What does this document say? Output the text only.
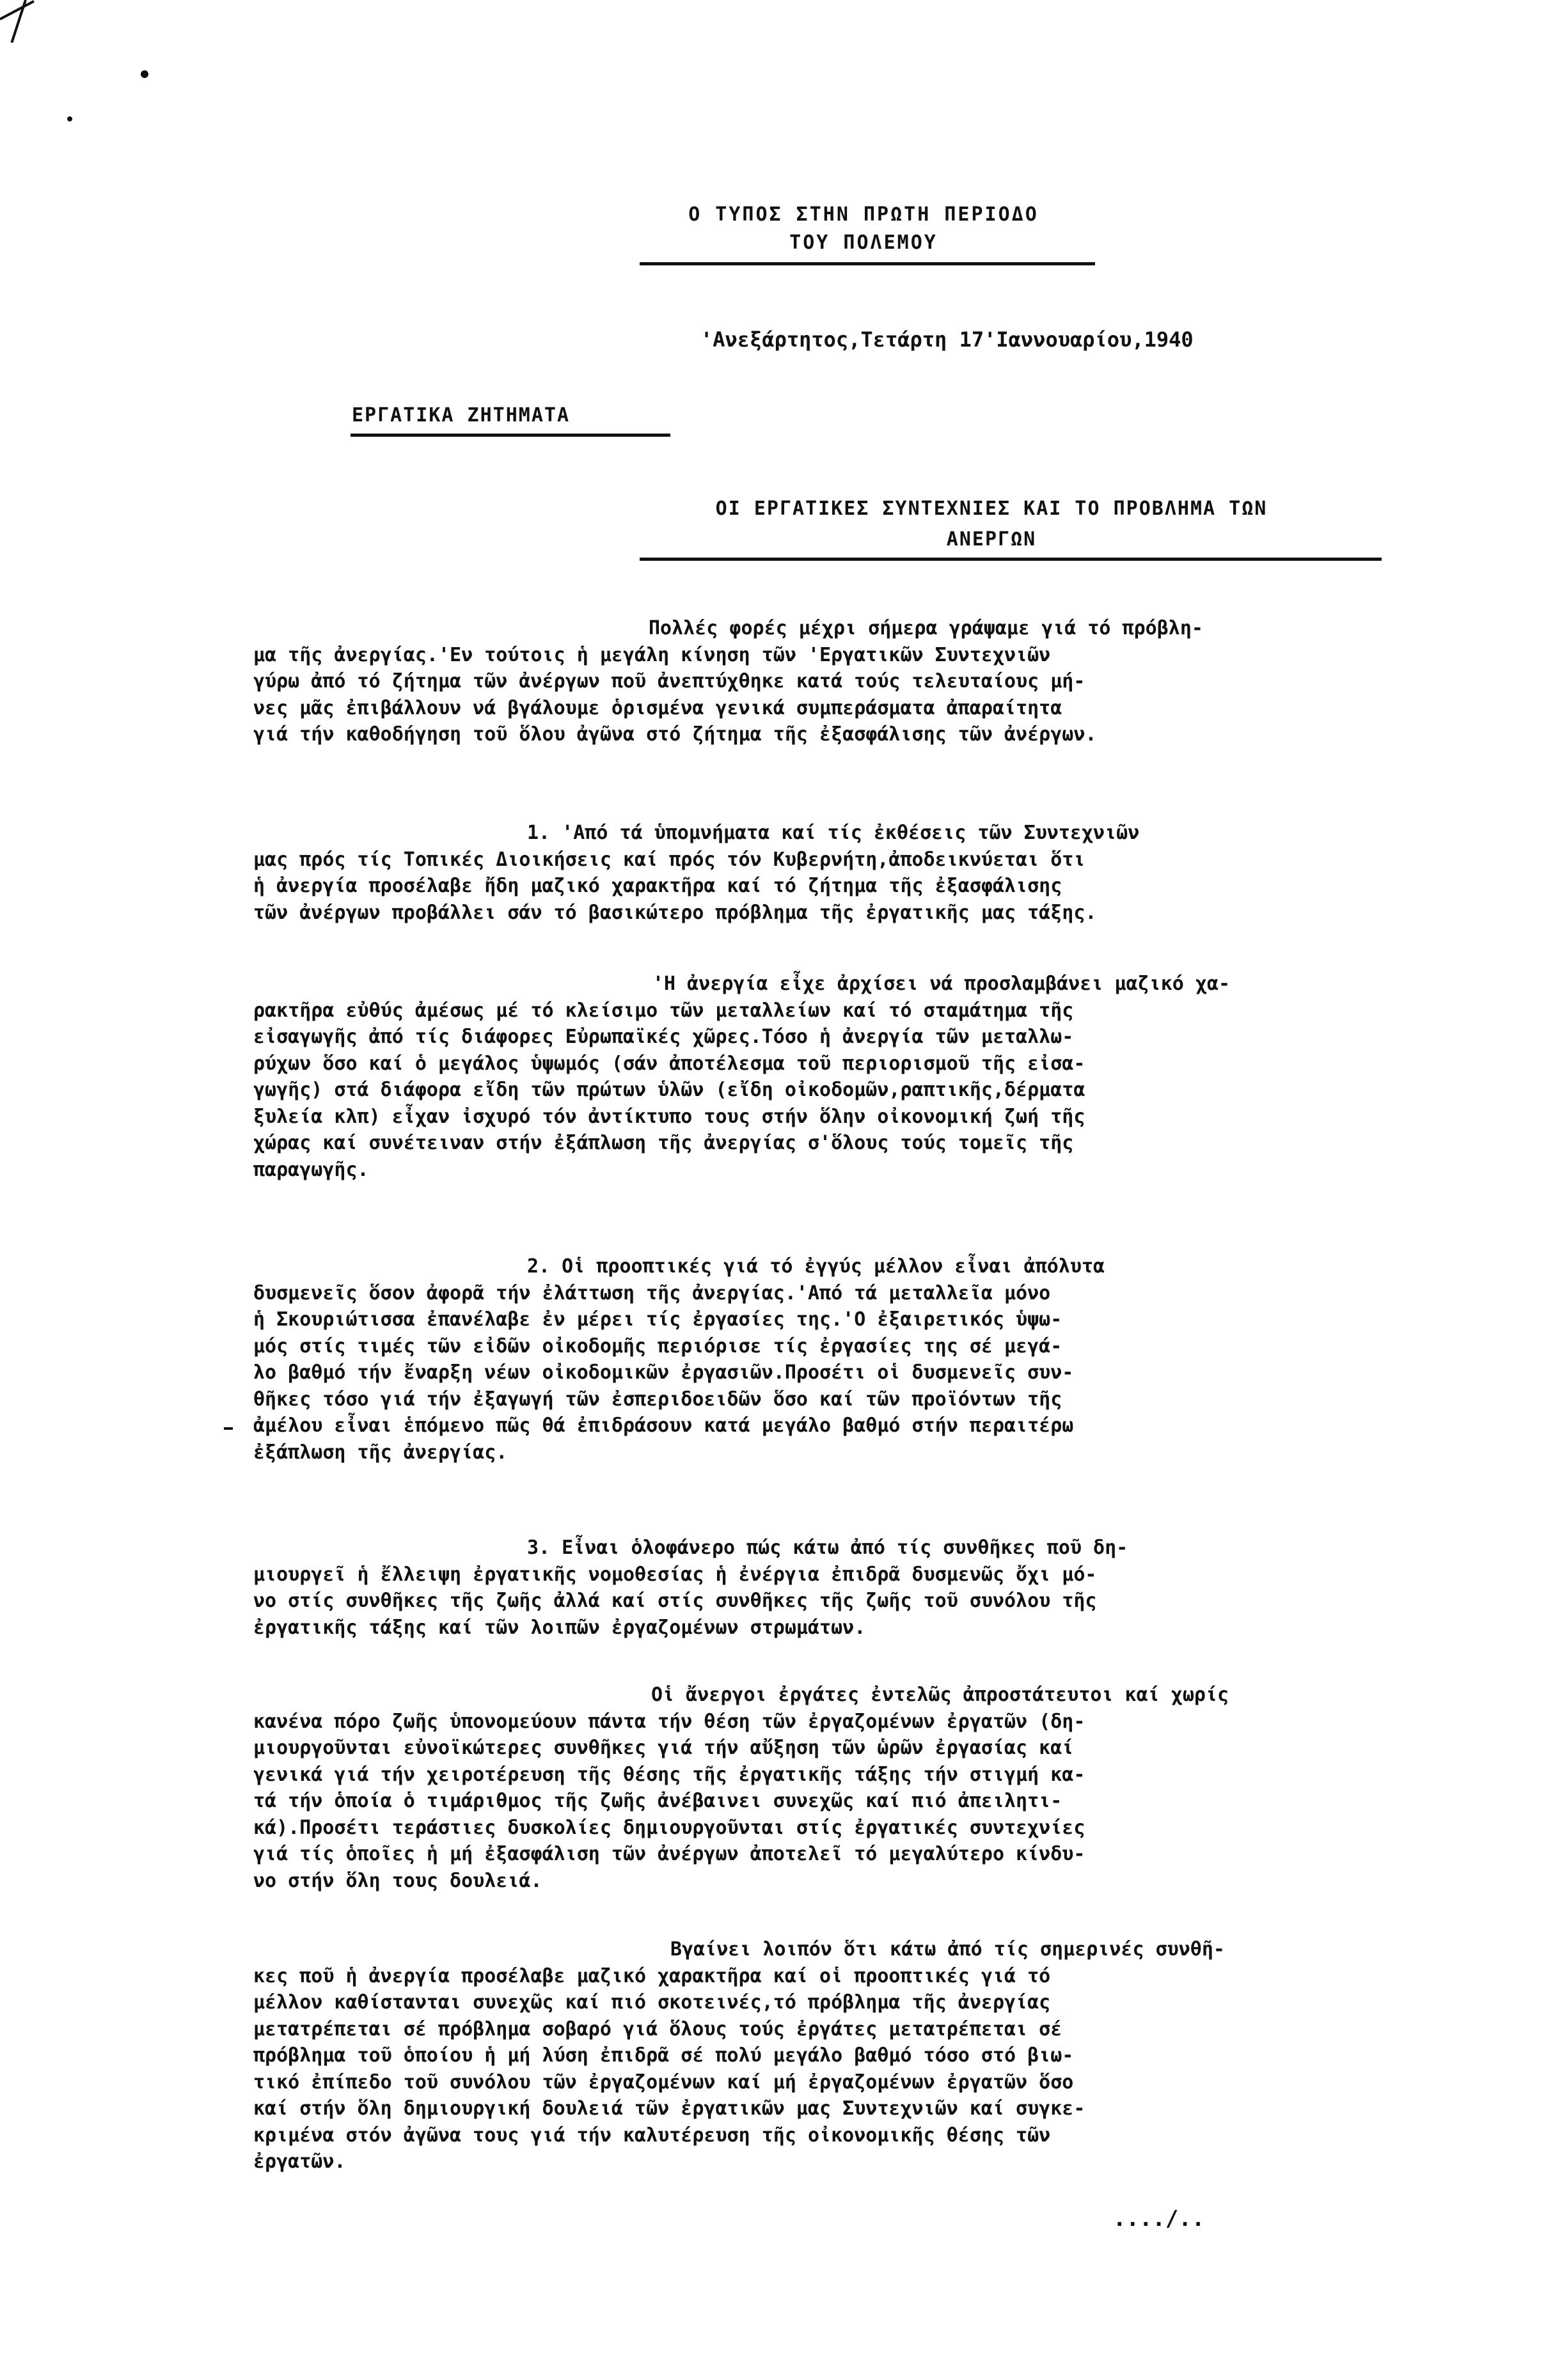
Ο ΤΥΠΟΣ ΣΤΗΝ ΠΡΩΤΗ ΠΕΡΙΟΔΟ
ΤΟΥ ΠΟΛΕΜΟΥ
'Ανεξάρτητος,Τετάρτη 17'Ιαννουαρίου,1940
ΕΡΓΑΤΙΚΑ ΖΗΤΗΜΑΤΑ
ΟΙ ΕΡΓΑΤΙΚΕΣ ΣΥΝΤΕΧΝΙΕΣ ΚΑΙ ΤΟ ΠΡΟΒΛΗΜΑ ΤΩΝ
ΑΝΕΡΓΩΝ
Πολλές φορές μέχρι σήμερα γράψαμε γιά τό πρόβλη-
μα τῆς ἀνεργίας.'Εν τούτοις ἡ μεγάλη κίνηση τῶν 'Εργατικῶν Συντεχνιῶν
γύρω ἀπό τό ζήτημα τῶν ἀνέργων ποῦ ἀνεπτύχθηκε κατά τούς τελευταίους μή-
νες μᾶς ἐπιβάλλουν νά βγάλουμε ὁρισμένα γενικά συμπεράσματα ἀπαραίτητα
γιά τήν καθοδήγηση τοῦ ὅλου ἀγῶνα στό ζήτημα τῆς ἐξασφάλισης τῶν ἀνέργων.
1. 'Από τά ὑπομνήματα καί τίς ἐκθέσεις τῶν Συντεχνιῶν
μας πρός τίς Τοπικές Διοικήσεις καί πρός τόν Κυβερνήτη,ἀποδεικνύεται ὅτι
ἡ ἀνεργία προσέλαβε ἤδη μαζικό χαρακτῆρα καί τό ζήτημα τῆς ἐξασφάλισης
τῶν ἀνέργων προβάλλει σάν τό βασικώτερο πρόβλημα τῆς ἐργατικῆς μας τάξης.
'Η ἀνεργία εἶχε ἀρχίσει νά προσλαμβάνει μαζικό χα-
ρακτῆρα εὐθύς ἀμέσως μέ τό κλείσιμο τῶν μεταλλείων καί τό σταμάτημα τῆς
εἰσαγωγῆς ἀπό τίς διάφορες Εὐρωπαϊκές χῶρες.Τόσο ἡ ἀνεργία τῶν μεταλλω-
ρύχων ὅσο καί ὁ μεγάλος ὑψωμός (σάν ἀποτέλεσμα τοῦ περιορισμοῦ τῆς εἰσα-
γωγῆς) στά διάφορα εἴδη τῶν πρώτων ὑλῶν (εἴδη οἰκοδομῶν,ραπτικῆς,δέρματα
ξυλεία κλπ) εἶχαν ἰσχυρό τόν ἀντίκτυπο τους στήν ὅλην οἰκονομική ζωή τῆς
χώρας καί συνέτειναν στήν ἐξάπλωση τῆς ἀνεργίας σ'ὅλους τούς τομεῖς τῆς
παραγωγῆς.
2. Οἱ προοπτικές γιά τό ἐγγύς μέλλον εἶναι ἀπόλυτα
δυσμενεῖς ὅσον ἀφορᾶ τήν ἐλάττωση τῆς ἀνεργίας.'Από τά μεταλλεῖα μόνο
ἡ Σκουριώτισσα ἐπανέλαβε ἐν μέρει τίς ἐργασίες της.'Ο ἐξαιρετικός ὑψω-
μός στίς τιμές τῶν εἰδῶν οἰκοδομῆς περιόρισε τίς ἐργασίες της σέ μεγά-
λο βαθμό τήν ἔναρξη νέων οἰκοδομικῶν ἐργασιῶν.Προσέτι οἱ δυσμενεῖς συν-
θῆκες τόσο γιά τήν ἐξαγωγή τῶν ἐσπεριδοειδῶν ὅσο καί τῶν προϊόντων τῆς
ἀμέλου εἶναι ἑπόμενο πῶς θά ἐπιδράσουν κατά μεγάλο βαθμό στήν περαιτέρω
ἐξάπλωση τῆς ἀνεργίας.
3. Εἶναι ὁλοφάνερο πώς κάτω ἀπό τίς συνθῆκες ποῦ δη-
μιουργεῖ ἡ ἔλλειψη ἐργατικῆς νομοθεσίας ἡ ἐνέργια ἐπιδρᾶ δυσμενῶς ὄχι μό-
νο στίς συνθῆκες τῆς ζωῆς ἀλλά καί στίς συνθῆκες τῆς ζωῆς τοῦ συνόλου τῆς
ἐργατικῆς τάξης καί τῶν λοιπῶν ἐργαζομένων στρωμάτων.
Οἱ ἄνεργοι ἐργάτες ἐντελῶς ἀπροστάτευτοι καί χωρίς
κανένα πόρο ζωῆς ὑπονομεύουν πάντα τήν θέση τῶν ἐργαζομένων ἐργατῶν (δη-
μιουργοῦνται εὐνοϊκώτερες συνθῆκες γιά τήν αὔξηση τῶν ὡρῶν ἐργασίας καί
γενικά γιά τήν χειροτέρευση τῆς θέσης τῆς ἐργατικῆς τάξης τήν στιγμή κα-
τά τήν ὁποία ὁ τιμάριθμος τῆς ζωῆς ἀνέβαινει συνεχῶς καί πιό ἀπειλητι-
κά).Προσέτι τεράστιες δυσκολίες δημιουργοῦνται στίς ἐργατικές συντεχνίες
γιά τίς ὁποῖες ἡ μή ἐξασφάλιση τῶν ἀνέργων ἀποτελεῖ τό μεγαλύτερο κίνδυ-
νο στήν ὅλη τους δουλειά.
Βγαίνει λοιπόν ὅτι κάτω ἀπό τίς σημερινές συνθῆ-
κες ποῦ ἡ ἀνεργία προσέλαβε μαζικό χαρακτῆρα καί οἱ προοπτικές γιά τό
μέλλον καθίστανται συνεχῶς καί πιό σκοτεινές,τό πρόβλημα τῆς ἀνεργίας
μετατρέπεται σέ πρόβλημα σοβαρό γιά ὅλους τούς ἐργάτες μετατρέπεται σέ
πρόβλημα τοῦ ὁποίου ἡ μή λύση ἐπιδρᾶ σέ πολύ μεγάλο βαθμό τόσο στό βιω-
τικό ἐπίπεδο τοῦ συνόλου τῶν ἐργαζομένων καί μή ἐργαζομένων ἐργατῶν ὅσο
καί στήν ὅλη δημιουργική δουλειά τῶν ἐργατικῶν μας Συντεχνιῶν καί συγκε-
κριμένα στόν ἀγῶνα τους γιά τήν καλυτέρευση τῆς οἰκονομικῆς θέσης τῶν
ἐργατῶν.
..../..
